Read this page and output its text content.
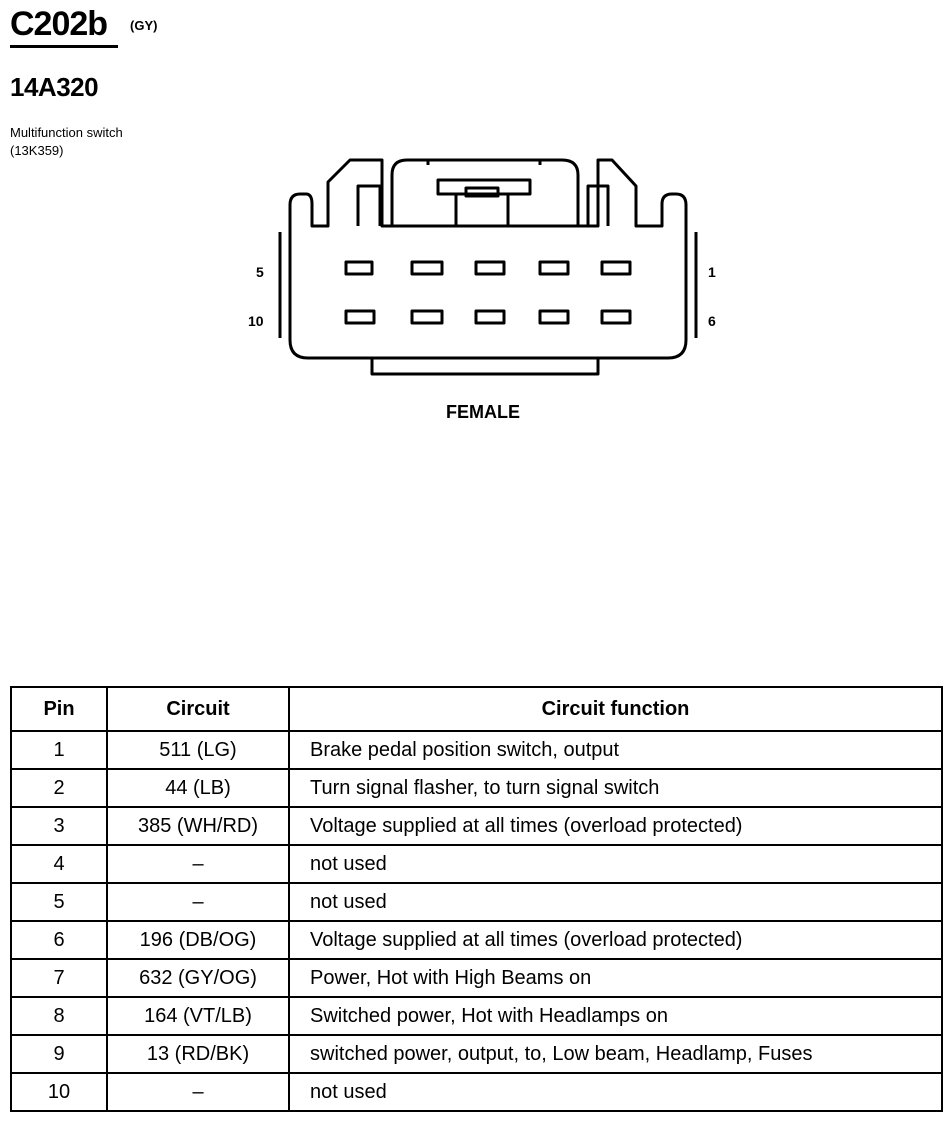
C202b (GY)
14A320
Multifunction switch
(13K359)
5	1
10	6
FEMALE
Pin	Circuit	Circuit function
1	511 (LG)	Brake pedal position switch, output
2	44 (LB)	Turn signal flasher, to turn signal switch
3	385 (WH/RD)	Voltage supplied at all times (overload protected)
4	–	not used
5	–	not used
6	196 (DB/OG)	Voltage supplied at all times (overload protected)
7	632 (GY/OG)	Power, Hot with High Beams on
8	164 (VT/LB)	Switched power, Hot with Headlamps on
9	13 (RD/BK)	switched power, output, to, Low beam, Headlamp, Fuses
10	–	not used
